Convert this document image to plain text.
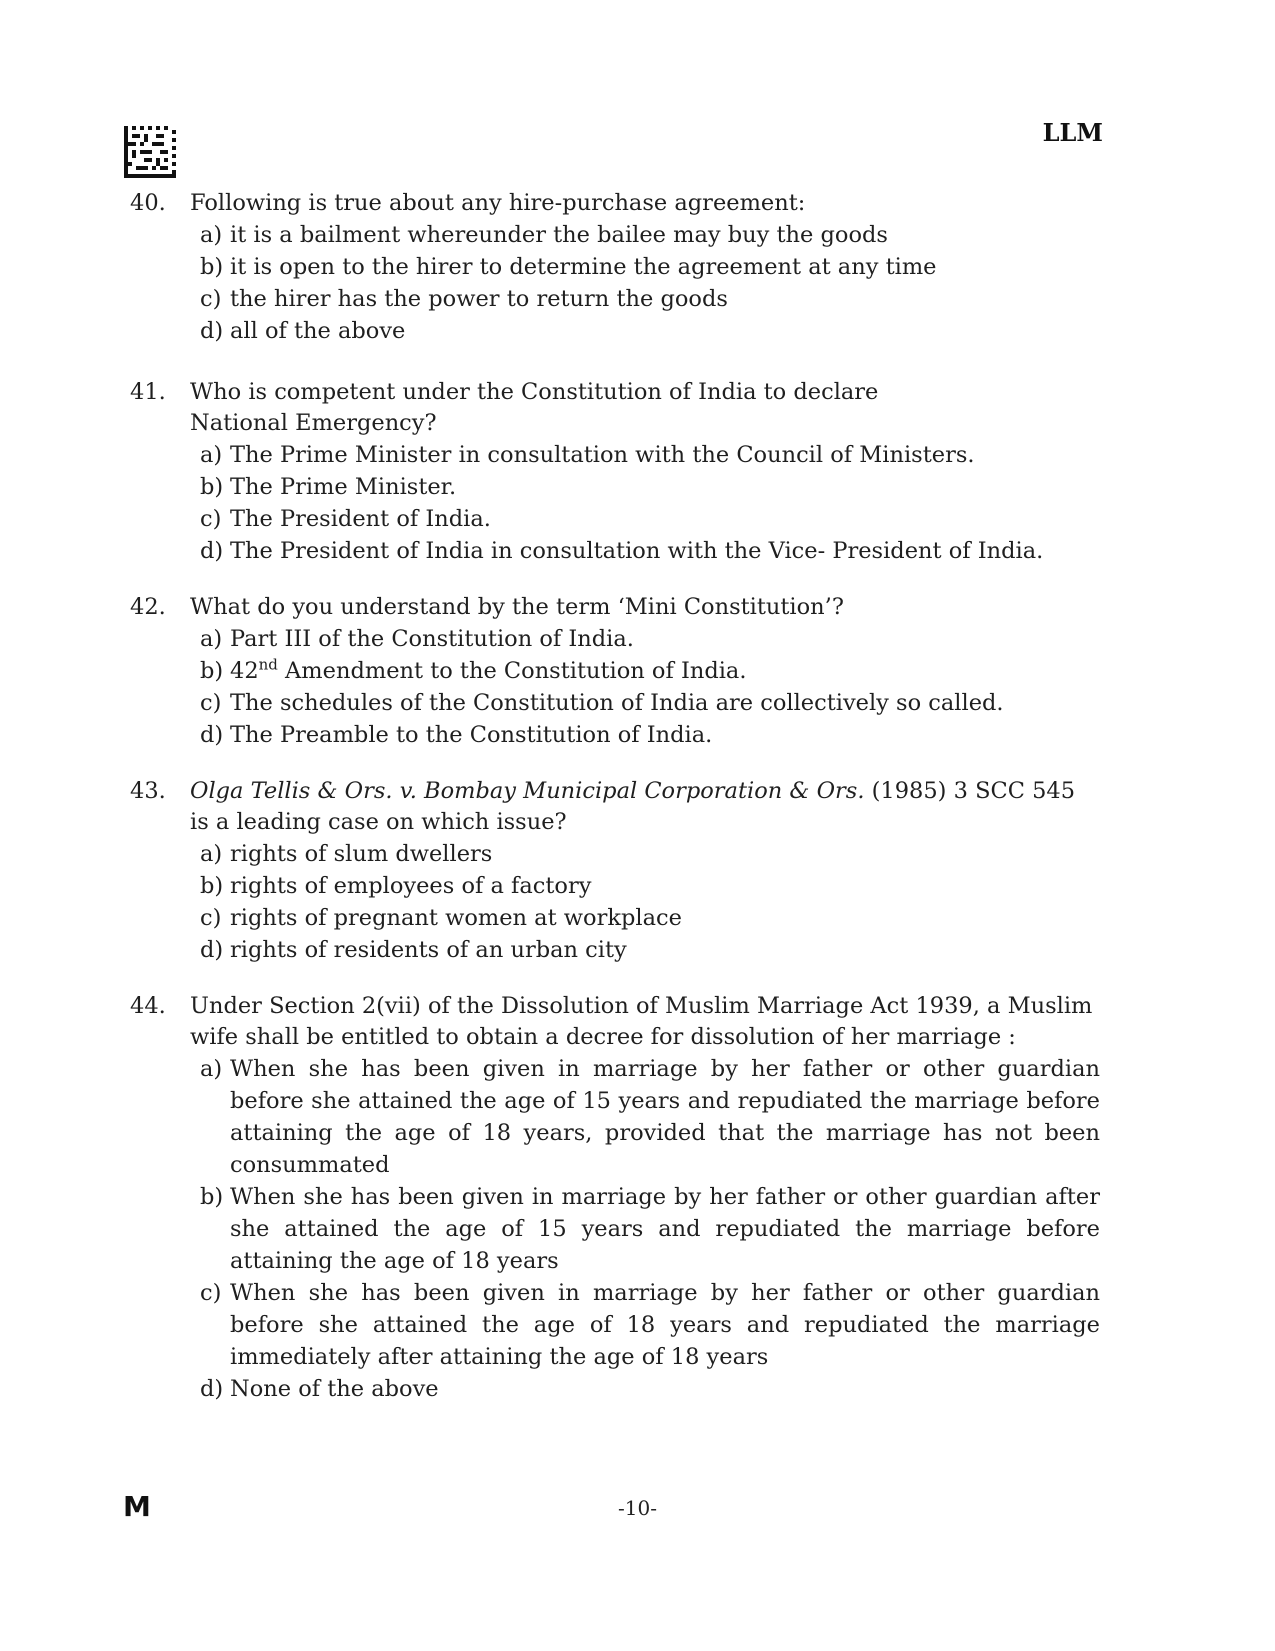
LLM
40.	Following is true about any hire-purchase agreement:
a) it is a bailment whereunder the bailee may buy the goods
b) it is open to the hirer to determine the agreement at any time
c) the hirer has the power to return the goods
d) all of the above
41.	Who is competent under the Constitution of India to declare National Emergency?
a) The Prime Minister in consultation with the Council of Ministers.
b) The Prime Minister.
c) The President of India.
d) The President of India in consultation with the Vice- President of India.
42.	What do you understand by the term ‘Mini Constitution’?
a) Part III of the Constitution of India.
b) 42nd Amendment to the Constitution of India.
c) The schedules of the Constitution of India are collectively so called.
d) The Preamble to the Constitution of India.
43.	Olga Tellis & Ors. v. Bombay Municipal Corporation & Ors. (1985) 3 SCC 545 is a leading case on which issue?
a) rights of slum dwellers
b) rights of employees of a factory
c) rights of pregnant women at workplace
d) rights of residents of an urban city
44.	Under Section 2(vii) of the Dissolution of Muslim Marriage Act 1939, a Muslim wife shall be entitled to obtain a decree for dissolution of her marriage :
a) When she has been given in marriage by her father or other guardian before she attained the age of 15 years and repudiated the marriage before attaining the age of 18 years, provided that the marriage has not been consummated
b) When she has been given in marriage by her father or other guardian after she attained the age of 15 years and repudiated the marriage before attaining the age of 18 years
c) When she has been given in marriage by her father or other guardian before she attained the age of 18 years and repudiated the marriage immediately after attaining the age of 18 years
d) None of the above
M	-10-
